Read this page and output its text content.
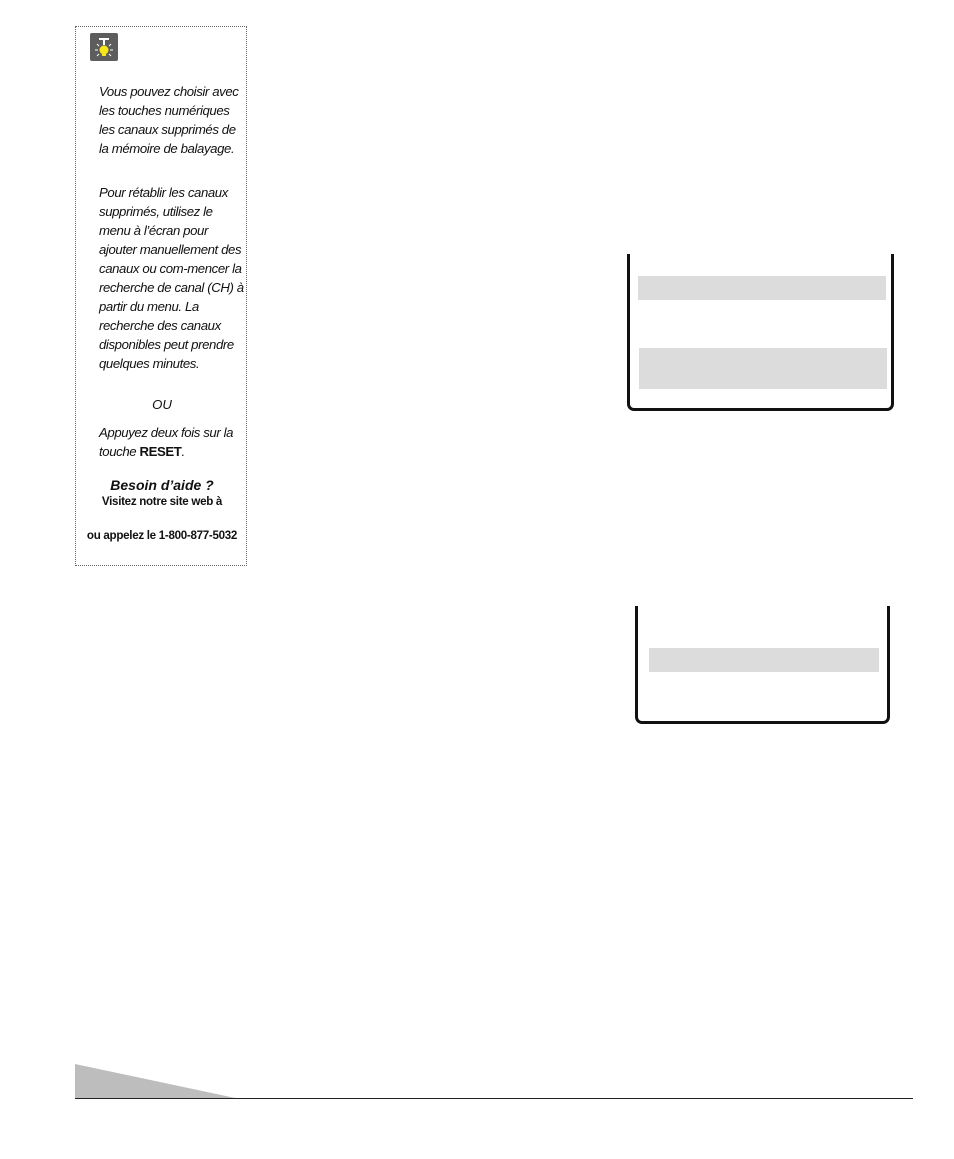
Vous pouvez choisir avec les touches numériques les canaux supprimés de la mémoire de balayage.
Pour rétablir les canaux supprimés, utilisez le menu à l’écran pour ajouter manuellement des canaux ou com-mencer la recherche de canal (CH) à partir du menu. La recherche des canaux disponibles peut prendre quelques minutes.
OU
Appuyez deux fois sur la touche RESET.
Besoin d’aide ?
Visitez notre site web à
ou appelez le 1-800-877-5032
